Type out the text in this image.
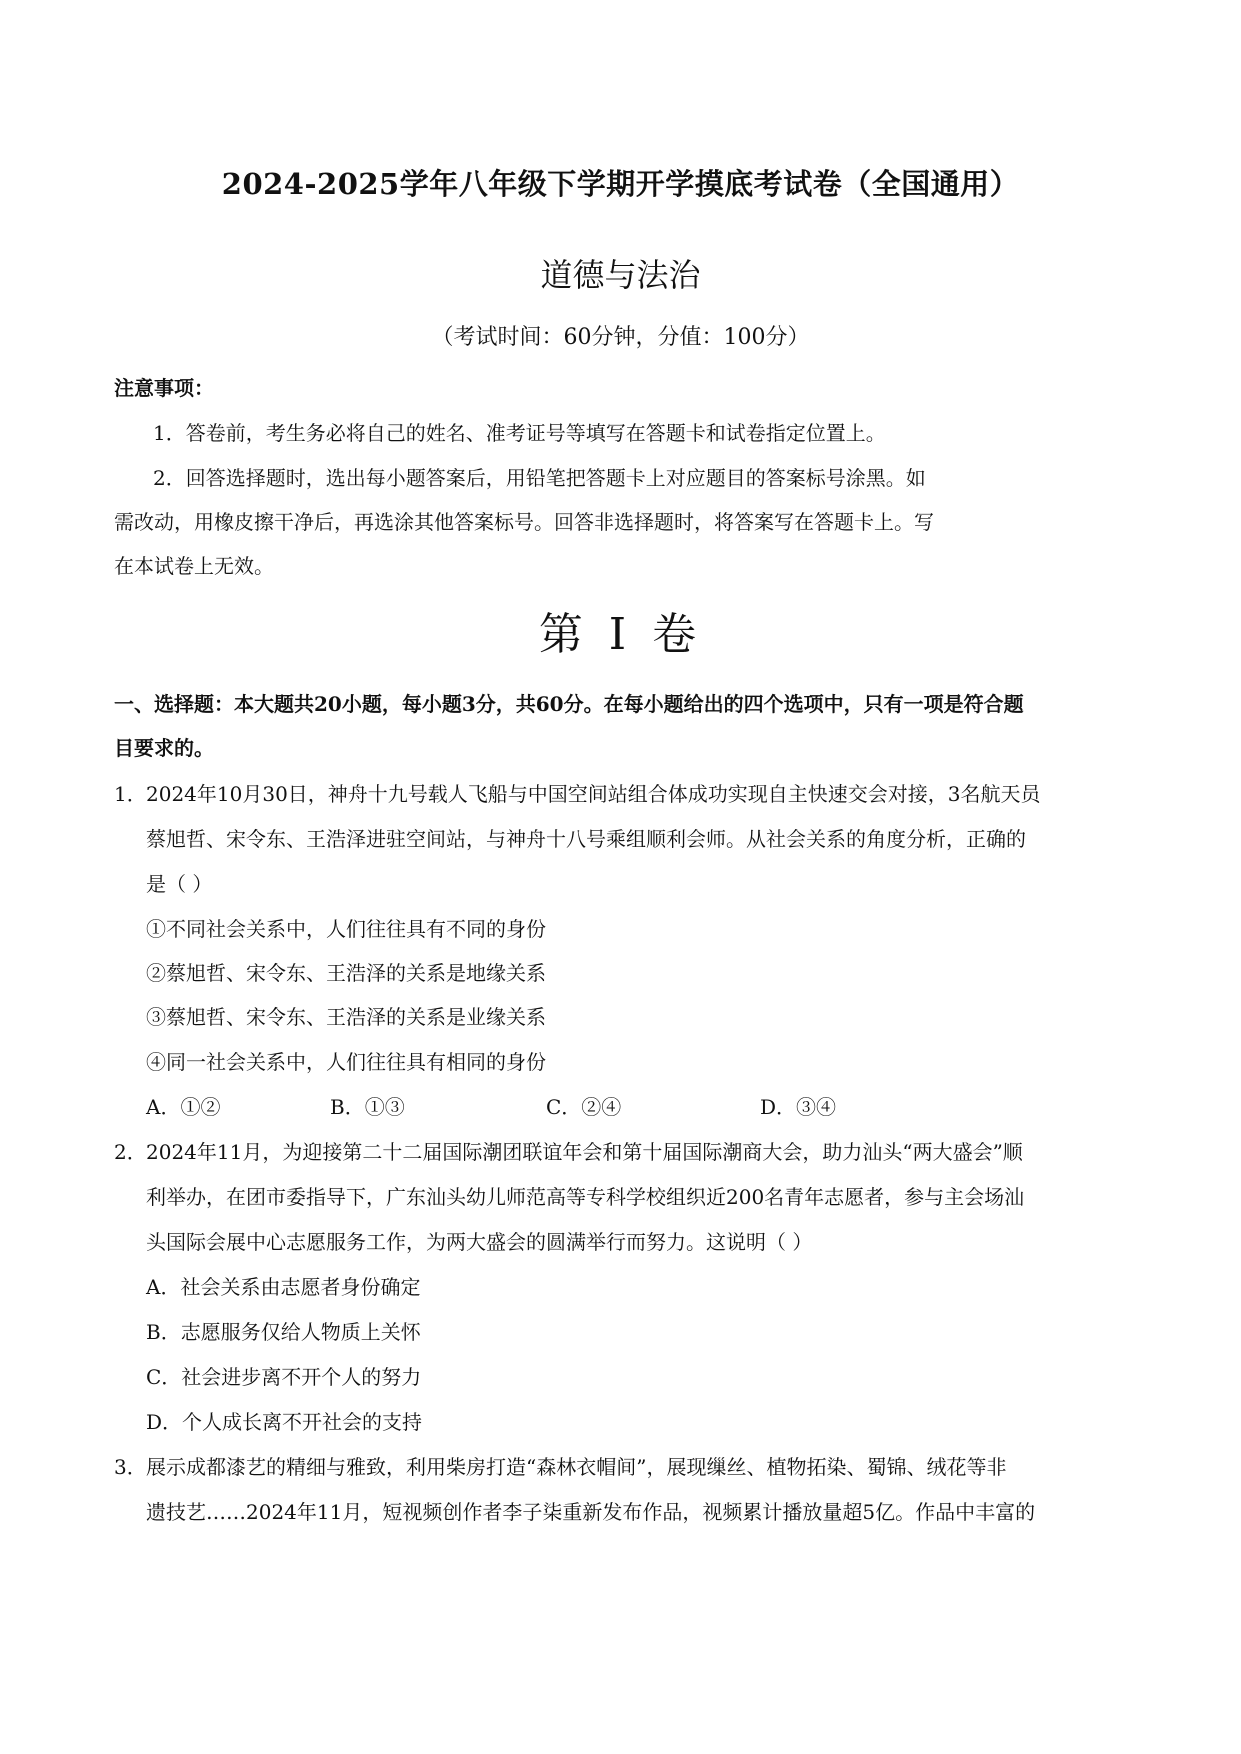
2024-2025学年八年级下学期开学摸底考试卷（全国通用）
道德与法治
（考试时间：60分钟，分值：100分）
注意事项：
1．答卷前，考生务必将自己的姓名、准考证号等填写在答题卡和试卷指定位置上。
2．回答选择题时，选出每小题答案后，用铅笔把答题卡上对应题目的答案标号涂黑。如
需改动，用橡皮擦干净后，再选涂其他答案标号。回答非选择题时，将答案写在答题卡上。写
在本试卷上无效。
第 I 卷
一、选择题：本大题共20小题，每小题3分，共60分。在每小题给出的四个选项中，只有一项是符合题
目要求的。
1． 2024年10月30日，神舟十九号载人飞船与中国空间站组合体成功实现自主快速交会对接，3名航天员
蔡旭哲、宋令东、王浩泽进驻空间站，与神舟十八号乘组顺利会师。从社会关系的角度分析，正确的
是（ ）
①不同社会关系中，人们往往具有不同的身份
②蔡旭哲、宋令东、王浩泽的关系是地缘关系
③蔡旭哲、宋令东、王浩泽的关系是业缘关系
④同一社会关系中，人们往往具有相同的身份
A．①②	B．①③	C．②④	D．③④
2． 2024年11月，为迎接第二十二届国际潮团联谊年会和第十届国际潮商大会，助力汕头“两大盛会”顺
利举办，在团市委指导下，广东汕头幼儿师范高等专科学校组织近200名青年志愿者，参与主会场汕
头国际会展中心志愿服务工作，为两大盛会的圆满举行而努力。这说明（ ）
A．社会关系由志愿者身份确定
B．志愿服务仅给人物质上关怀
C．社会进步离不开个人的努力
D．个人成长离不开社会的支持
3． 展示成都漆艺的精细与雅致，利用柴房打造“森林衣帽间”，展现缫丝、植物拓染、蜀锦、绒花等非
遗技艺……2024年11月，短视频创作者李子柒重新发布作品，视频累计播放量超5亿。作品中丰富的
